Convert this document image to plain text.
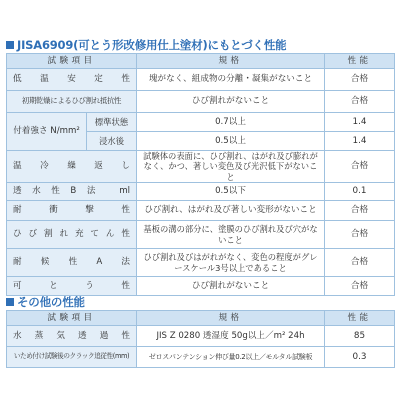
JISA6909(可とう形改修用仕上塗材)にもとづく性能
試験項目		規格	性能
低温安定性		塊がなく、組成物の分離・凝集がないこと	合格
初期乾燥によるひび割れ抵抗性		ひび割れがないこと	合格
付着強さ N/mm²	標準状態	0.7以上	1.4
	浸水後	0.5以上	1.4
温冷繰返し		試験体の表面に、ひび割れ、はがれ及び膨れがなく、かつ、著しい変色及び光沢低下がないこと	合格
透水性B法 ml		0.5以下	0.1
耐衝撃性		ひび割れ、はがれ及び著しい変形がないこと	合格
ひび割れ充てん性		基板の溝の部分に、塗膜のひび割れ及び穴がないこと	合格
耐候性A法		ひび割れ及びはがれがなく、変色の程度がグレースケール3号以上であること	合格
可とう性		ひび割れがないこと	合格
その他の性能
試験項目	規格	性能
水蒸気透過性	JIS Z 0280 透湿度 50g以上／m² 24h	85
いため付け試験後のクラック追従性(mm)	ゼロスパンテンション伸び量0.2以上／モルタル試験板	0.3
